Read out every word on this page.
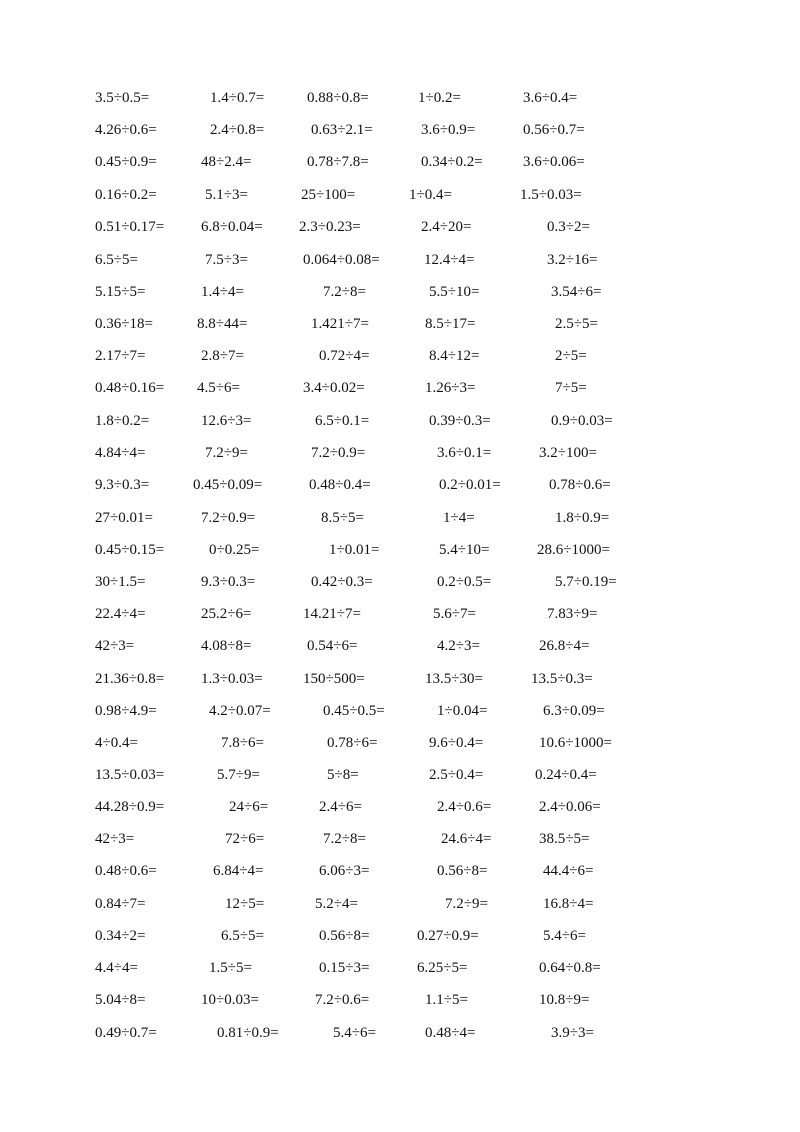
3.5÷0.5=	1.4÷0.7=	0.88÷0.8=	1÷0.2=	3.6÷0.4=
4.26÷0.6=	2.4÷0.8=	0.63÷2.1=	3.6÷0.9=	0.56÷0.7=
0.45÷0.9=	48÷2.4=	0.78÷7.8=	0.34÷0.2=	3.6÷0.06=
0.16÷0.2=	5.1÷3=	25÷100=	1÷0.4=	1.5÷0.03=
0.51÷0.17= 6.8÷0.04= 2.3÷0.23=	2.4÷20=	0.3÷2=
6.5÷5=	7.5÷3=	0.064÷0.08=	12.4÷4=	3.2÷16=
5.15÷5=	1.4÷4=	7.2÷8=	5.5÷10=	3.54÷6=
0.36÷18=	8.8÷44=	1.421÷7=	8.5÷17=	2.5÷5=
2.17÷7=	2.8÷7=	0.72÷4=	8.4÷12=	2÷5=
0.48÷0.16= 4.5÷6=	3.4÷0.02=	1.26÷3=	7÷5=
1.8÷0.2=	12.6÷3=	6.5÷0.1=	0.39÷0.3=	0.9÷0.03=
4.84÷4=	7.2÷9=	7.2÷0.9=	3.6÷0.1=	3.2÷100=
9.3÷0.3=	0.45÷0.09=	0.48÷0.4=	0.2÷0.01=	0.78÷0.6=
27÷0.01=	7.2÷0.9=	8.5÷5=	1÷4=	1.8÷0.9=
0.45÷0.15=	0÷0.25=	1÷0.01=	5.4÷10=	28.6÷1000=
30÷1.5=	9.3÷0.3=	0.42÷0.3=	0.2÷0.5=	5.7÷0.19=
22.4÷4=	25.2÷6=	14.21÷7=	5.6÷7=	7.83÷9=
42÷3=	4.08÷8=	0.54÷6=	4.2÷3=	26.8÷4=
21.36÷0.8= 1.3÷0.03=	150÷500=	13.5÷30=	13.5÷0.3=
0.98÷4.9=	4.2÷0.07=	0.45÷0.5=	1÷0.04=	6.3÷0.09=
4÷0.4=	7.8÷6=	0.78÷6=	9.6÷0.4=	10.6÷1000=
13.5÷0.03=	5.7÷9=	5÷8=	2.5÷0.4=	0.24÷0.4=
44.28÷0.9=	24÷6=	2.4÷6=	2.4÷0.6=	2.4÷0.06=
42÷3=	72÷6=	7.2÷8=	24.6÷4=	38.5÷5=
0.48÷0.6=	6.84÷4=	6.06÷3=	0.56÷8=	44.4÷6=
0.84÷7=	12÷5=	5.2÷4=	7.2÷9=	16.8÷4=
0.34÷2=	6.5÷5=	0.56÷8=	0.27÷0.9=	5.4÷6=
4.4÷4=	1.5÷5=	0.15÷3=	6.25÷5=	0.64÷0.8=
5.04÷8=	10÷0.03=	7.2÷0.6=	1.1÷5=	10.8÷9=
0.49÷0.7=	0.81÷0.9=	5.4÷6=	0.48÷4=	3.9÷3=
